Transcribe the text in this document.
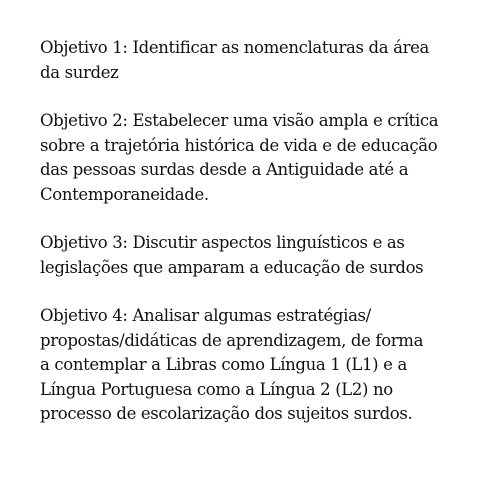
Objetivo 1: Identificar as nomenclaturas da área
da surdez
Objetivo 2: Estabelecer uma visão ampla e crítica
sobre a trajetória histórica de vida e de educação
das pessoas surdas desde a Antiguidade até a
Contemporaneidade.
Objetivo 3: Discutir aspectos linguísticos e as
legislações que amparam a educação de surdos
Objetivo 4: Analisar algumas estratégias/
propostas/didáticas de aprendizagem, de forma
a contemplar a Libras como Língua 1 (L1) e a
Língua Portuguesa como a Língua 2 (L2) no
processo de escolarização dos sujeitos surdos.
